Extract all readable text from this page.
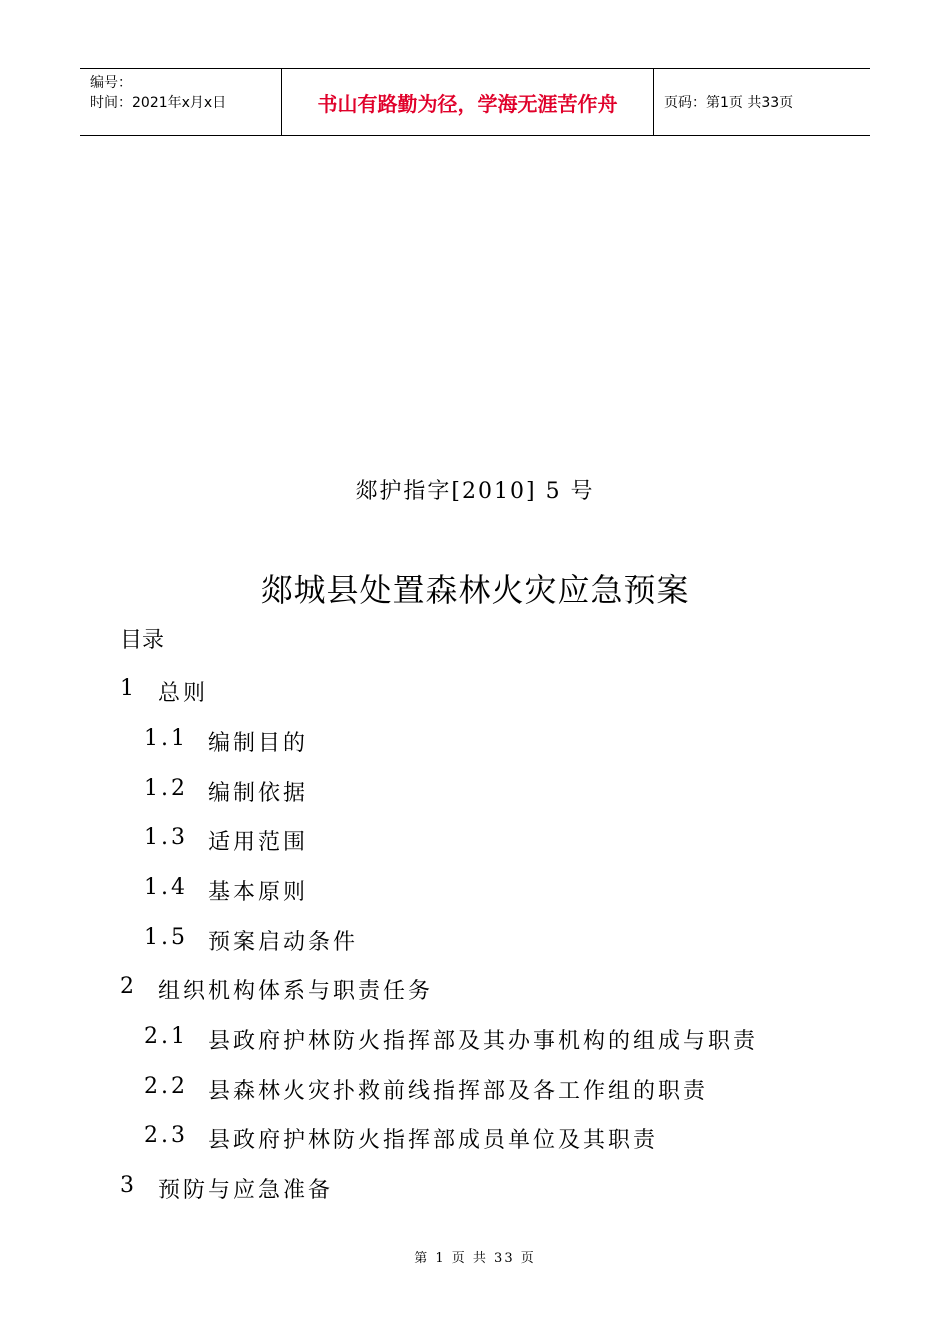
编号：
时间：2021年x月x日	书山有路勤为径，学海无涯苦作舟	页码：第1页 共33页
郯护指字[2010] 5 号
郯城县处置森林火灾应急预案
目录
1 总则
1.1 编制目的
1.2 编制依据
1.3 适用范围
1.4 基本原则
1.5 预案启动条件
2 组织机构体系与职责任务
2.1 县政府护林防火指挥部及其办事机构的组成与职责
2.2 县森林火灾扑救前线指挥部及各工作组的职责
2.3 县政府护林防火指挥部成员单位及其职责
3 预防与应急准备
第 1 页 共 33 页
